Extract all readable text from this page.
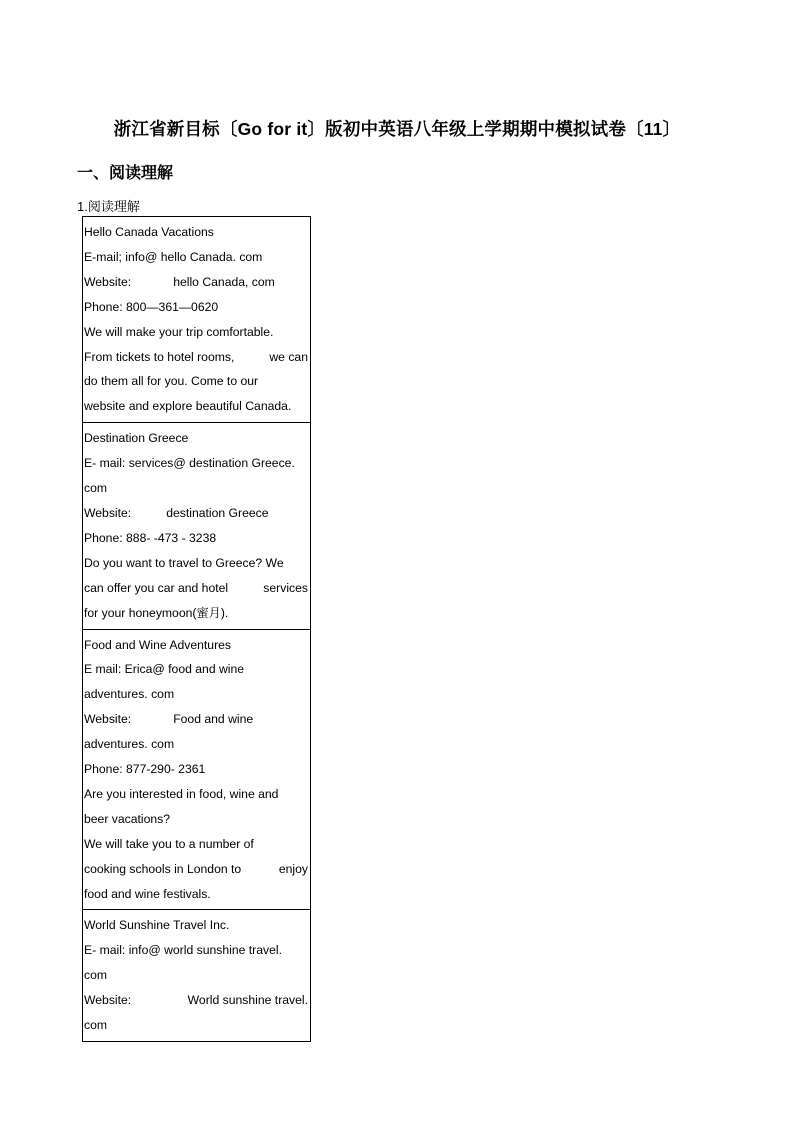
浙江省新目标〔Go for it〕版初中英语八年级上学期期中模拟试卷〔11〕
一、阅读理解
1.阅读理解
Hello Canada Vacations
E-mail; info@ hello Canada. com
Website:	hello Canada, com
Phone: 800—361—0620
We will make your trip comfortable.
From tickets to hotel rooms,	we can
do them all for you. Come to our
website and explore beautiful Canada.
Destination Greece
E- mail: services@ destination Greece.
com
Website:	destination Greece
Phone: 888- -473 - 3238
Do you want to travel to Greece? We
can offer you car and hotel	services
for your honeymoon(蜜月).
Food and Wine Adventures
E mail: Erica@ food and wine
adventures. com
Website:	Food and wine
adventures. com
Phone: 877-290- 2361
Are you interested in food, wine and
beer vacations?
We will take you to a number of
cooking schools in London to	enjoy
food and wine festivals.
World Sunshine Travel Inc.
E- mail: info@ world sunshine travel.
com
Website:	World sunshine travel.
com
